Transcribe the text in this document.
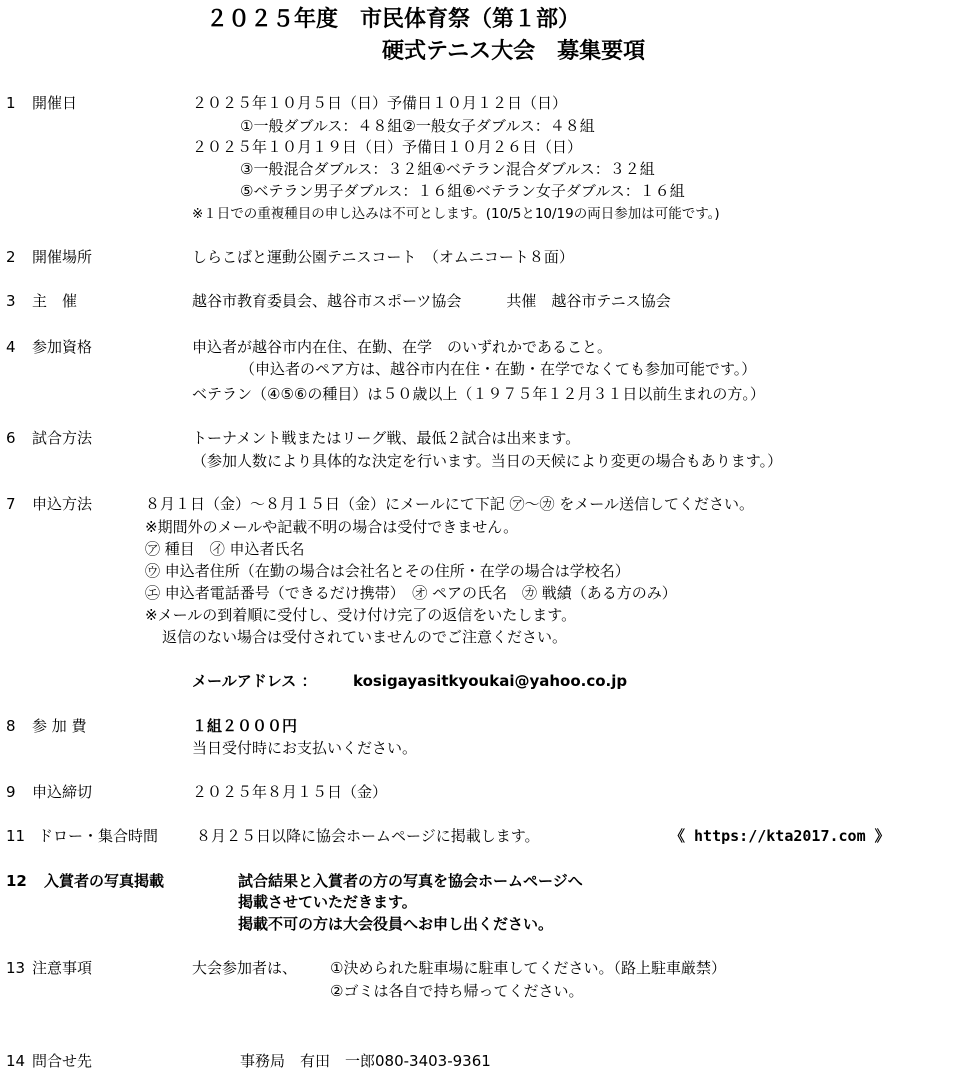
２０２５年度　市民体育祭（第１部）
硬式テニス大会　募集要項
1 開催日	２０２５年１０月５日（日）予備日１０月１２日（日）
①一般ダブルス：４８組②一般女子ダブルス：４８組
２０２５年１０月１９日（日）予備日１０月２６日（日）
③一般混合ダブルス：３２組④ベテラン混合ダブルス：３２組
⑤ベテラン男子ダブルス：１６組⑥ベテラン女子ダブルス：１６組
※１日での重複種目の申し込みは不可とします。(10/5と10/19の両日参加は可能です。)
2 開催場所	しらこばと運動公園テニスコート　（オムニコート８面）
3 主　催	越谷市教育委員会、越谷市スポーツ協会　　　共催　越谷市テニス協会
4 参加資格	申込者が越谷市内在住、在勤、在学　のいずれかであること。
（申込者のペア方は、越谷市内在住・在勤・在学でなくても参加可能です。）
ベテラン（④⑤⑥の種目）は５０歳以上（１９７５年１２月３１日以前生まれの方。）
6 試合方法	トーナメント戦またはリーグ戦、最低２試合は出来ます。
（参加人数により具体的な決定を行います。当日の天候により変更の場合もあります。）
7 申込方法	８月１日（金）～８月１５日（金）にメールにて下記 ㋐～㋕ をメール送信してください。
※期間外のメールや記載不明の場合は受付できません。
㋐ 種目　㋑ 申込者氏名
㋒ 申込者住所（在勤の場合は会社名とその住所・在学の場合は学校名）
㋓ 申込者電話番号（できるだけ携帯）　㋔ ペアの氏名　㋕ 戦績（ある方のみ）
※メールの到着順に受付し、受け付け完了の返信をいたします。
返信のない場合は受付されていませんのでご注意ください。
メールアドレス ： kosigayasitkyoukai@yahoo.co.jp
8 参 加 費	１組２０００円
当日受付時にお支払いください。
9 申込締切	２０２５年８月１５日（金）
11 ドロー・集合時間	８月２５日以降に協会ホームページに掲載します。	《 https://kta2017.com 》
12 入賞者の写真掲載	試合結果と入賞者の方の写真を協会ホームページへ
掲載させていただきます。
掲載不可の方は大会役員へお申し出ください。
13 注意事項	大会参加者は、 ①決められた駐車場に駐車してください。（路上駐車厳禁）
②ゴミは各自で持ち帰ってください。
14 問合せ先	事務局　有田　一郎080-3403-9361
